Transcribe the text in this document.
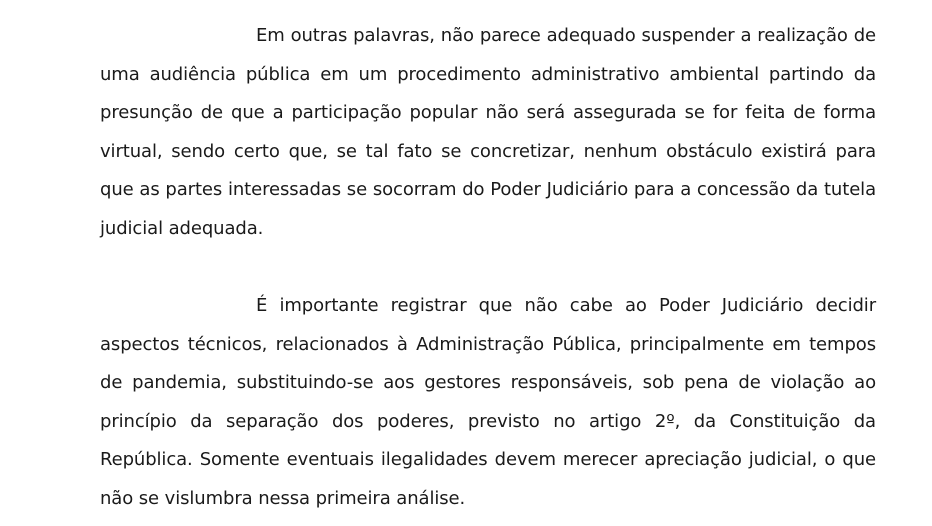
Em outras palavras, não parece adequado suspender a realização de uma audiência pública em um procedimento administrativo ambiental partindo da presunção de que a participação popular não será assegurada se for feita de forma virtual, sendo certo que, se tal fato se concretizar, nenhum obstáculo existirá para que as partes interessadas se socorram do Poder Judiciário para a concessão da tutela judicial adequada.

É importante registrar que não cabe ao Poder Judiciário decidir aspectos técnicos, relacionados à Administração Pública, principalmente em tempos de pandemia, substituindo-se aos gestores responsáveis, sob pena de violação ao princípio da separação dos poderes, previsto no artigo 2º, da Constituição da República. Somente eventuais ilegalidades devem merecer apreciação judicial, o que não se vislumbra nessa primeira análise.
